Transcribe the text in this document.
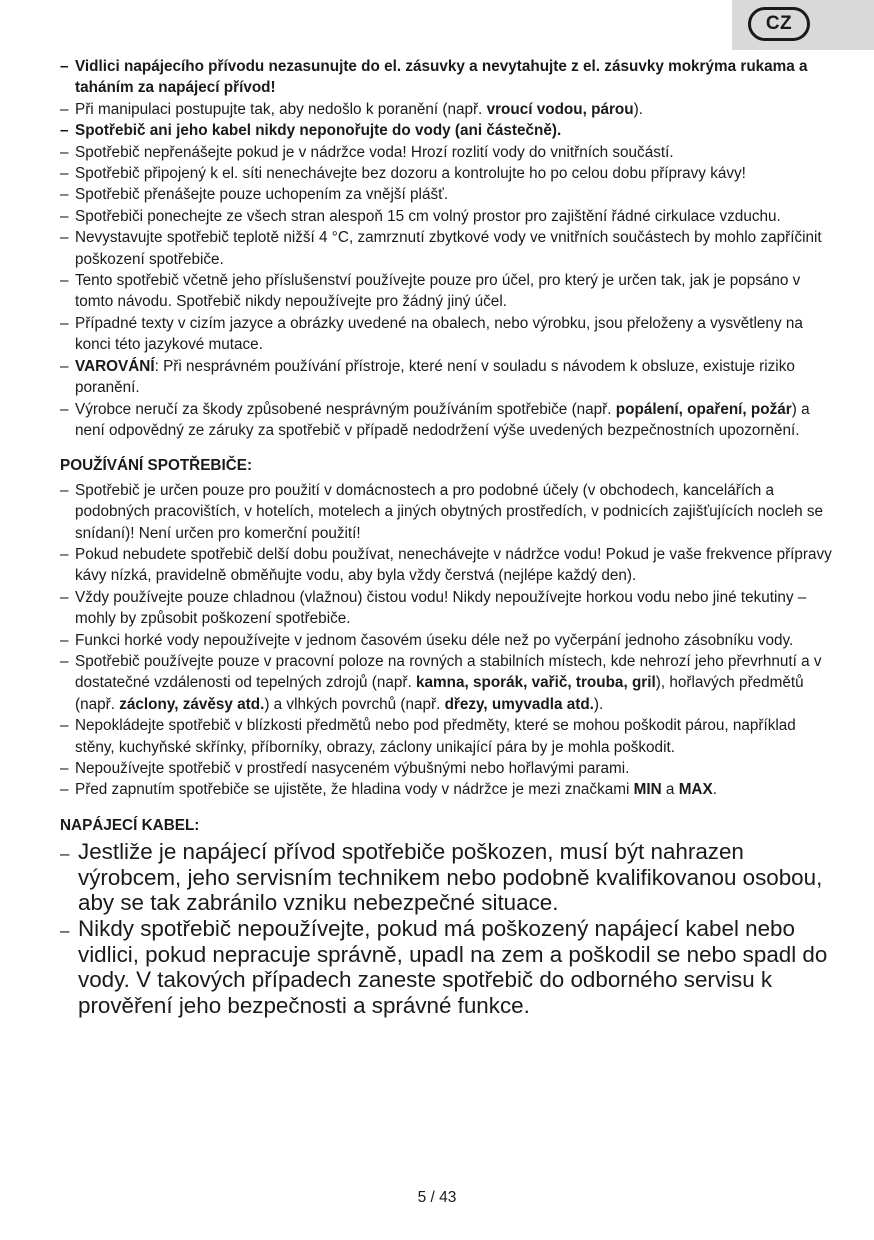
CZ
– Vidlici napájecího přívodu nezasunujte do el. zásuvky a nevytahujte z el. zásuvky mokrýma rukama a taháním za napájecí přívod!
– Při manipulaci postupujte tak, aby nedošlo k poranění (např. vroucí vodou, párou).
– Spotřebič ani jeho kabel nikdy neponořujte do vody (ani částečně).
– Spotřebič nepřenášejte pokud je v nádržce voda! Hrozí rozlití vody do vnitřních součástí.
– Spotřebič připojený k el. síti nenechávejte bez dozoru a kontrolujte ho po celou dobu přípravy kávy!
– Spotřebič přenášejte pouze uchopením za vnější plášť.
– Spotřebiči ponechejte ze všech stran alespoň 15 cm volný prostor pro zajištění řádné cirkulace vzduchu.
– Nevystavujte spotřebič teplotě nižší 4 °C, zamrznutí zbytkové vody ve vnitřních součástech by mohlo zapříčinit poškození spotřebiče.
– Tento spotřebič včetně jeho příslušenství používejte pouze pro účel, pro který je určen tak, jak je popsáno v tomto návodu. Spotřebič nikdy nepoužívejte pro žádný jiný účel.
– Případné texty v cizím jazyce a obrázky uvedené na obalech, nebo výrobku, jsou přeloženy a vysvětleny na konci této jazykové mutace.
– VAROVÁNÍ: Při nesprávném používání přístroje, které není v souladu s návodem k obsluze, existuje riziko poranění.
– Výrobce neručí za škody způsobené nesprávným používáním spotřebiče (např. popálení, opaření, požár) a není odpovědný ze záruky za spotřebič v případě nedodržení výše uvedených bezpečnostních upozornění.
POUŽÍVÁNÍ SPOTŘEBIČE:
– Spotřebič je určen pouze pro použití v domácnostech a pro podobné účely (v obchodech, kancelářích a podobných pracovištích, v hotelích, motelech a jiných obytných prostředích, v podnicích zajišťujících nocleh se snídaní)! Není určen pro komerční použití!
– Pokud nebudete spotřebič delší dobu používat, nenechávejte v nádržce vodu! Pokud je vaše frekvence přípravy kávy nízká, pravidelně obměňujte vodu, aby byla vždy čerstvá (nejlépe každý den).
– Vždy používejte pouze chladnou (vlažnou) čistou vodu! Nikdy nepoužívejte horkou vodu nebo jiné tekutiny – mohly by způsobit poškození spotřebiče.
– Funkci horké vody nepoužívejte v jednom časovém úseku déle než po vyčerpání jednoho zásobníku vody.
– Spotřebič používejte pouze v pracovní poloze na rovných a stabilních místech, kde nehrozí jeho převrhnutí a v dostatečné vzdálenosti od tepelných zdrojů (např. kamna, sporák, vařič, trouba, gril), hořlavých předmětů (např. záclony, závěsy atd.) a vlhkých povrchů (např. dřezy, umyvadla atd.).
– Nepokládejte spotřebič v blízkosti předmětů nebo pod předměty, které se mohou poškodit párou, například stěny, kuchyňské skřínky, příborníky, obrazy, záclony unikající pára by je mohla poškodit.
– Nepoužívejte spotřebič v prostředí nasyceném výbušnými nebo hořlavými parami.
– Před zapnutím spotřebiče se ujistěte, že hladina vody v nádržce je mezi značkami MIN a MAX.
NAPÁJECÍ KABEL:
– Jestliže je napájecí přívod spotřebiče poškozen, musí být nahrazen výrobcem, jeho servisním technikem nebo podobně kvalifikovanou osobou, aby se tak zabránilo vzniku nebezpečné situace.
– Nikdy spotřebič nepoužívejte, pokud má poškozený napájecí kabel nebo vidlici, pokud nepracuje správně, upadl na zem a poškodil se nebo spadl do vody. V takových případech zaneste spotřebič do odborného servisu k prověření jeho bezpečnosti a správné funkce.
5 / 43
